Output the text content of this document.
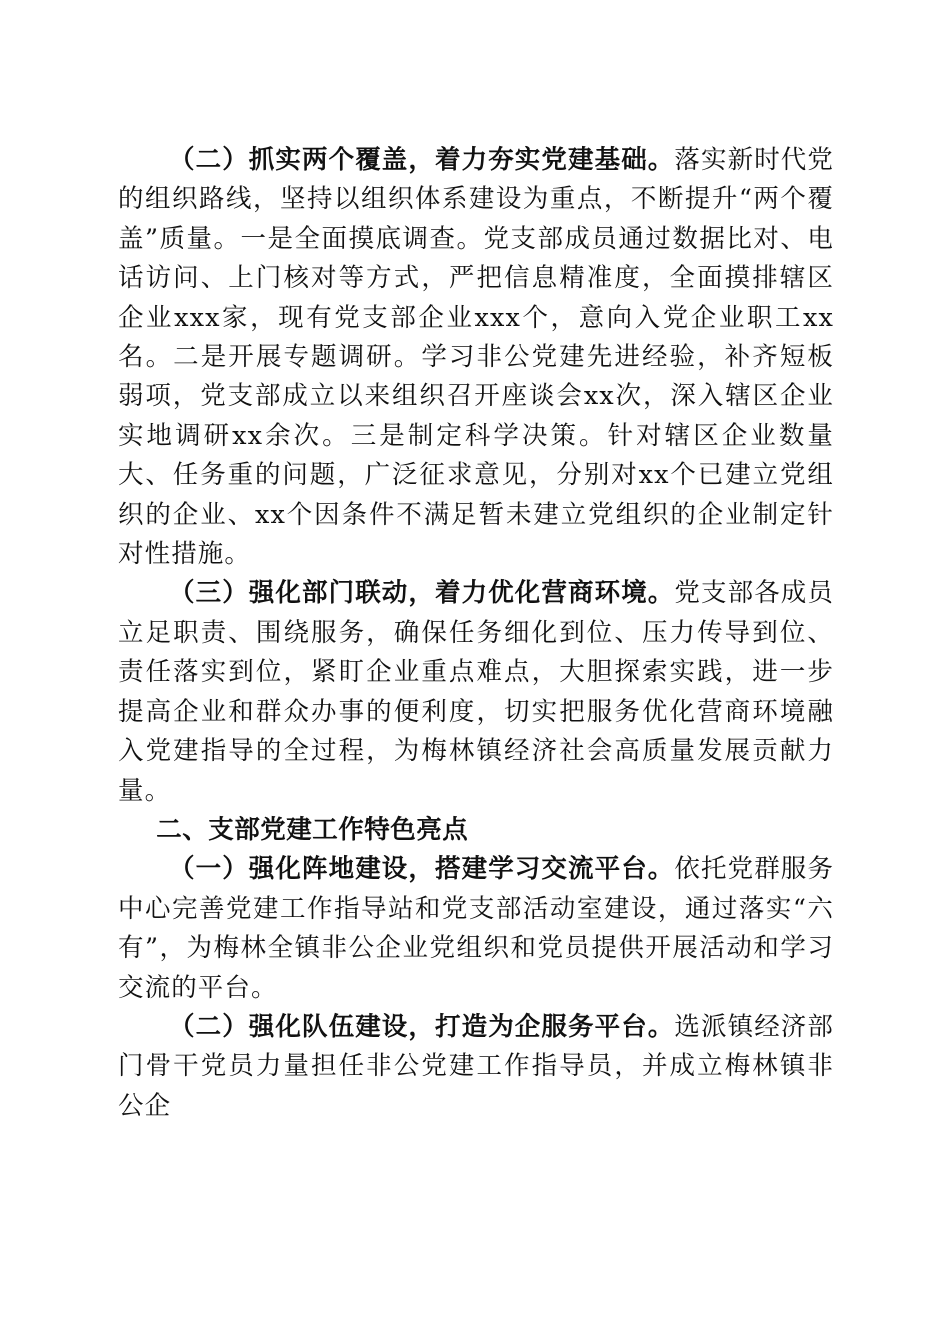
（二）抓实两个覆盖，着力夯实党建基础。落实新时代党的组织路线，坚持以组织体系建设为重点，不断提升“两个覆盖”质量。一是全面摸底调查。党支部成员通过数据比对、电话访问、上门核对等方式，严把信息精准度，全面摸排辖区企业xxx家，现有党支部企业xxx个，意向入党企业职工xx名。二是开展专题调研。学习非公党建先进经验，补齐短板弱项，党支部成立以来组织召开座谈会xx次，深入辖区企业实地调研xx余次。三是制定科学决策。针对辖区企业数量大、任务重的问题，广泛征求意见，分别对xx个已建立党组织的企业、xx个因条件不满足暂未建立党组织的企业制定针对性措施。

（三）强化部门联动，着力优化营商环境。党支部各成员立足职责、围绕服务，确保任务细化到位、压力传导到位、责任落实到位，紧盯企业重点难点，大胆探索实践，进一步提高企业和群众办事的便利度，切实把服务优化营商环境融入党建指导的全过程，为梅林镇经济社会高质量发展贡献力量。

二、支部党建工作特色亮点

（一）强化阵地建设，搭建学习交流平台。依托党群服务中心完善党建工作指导站和党支部活动室建设，通过落实“六有”，为梅林全镇非公企业党组织和党员提供开展活动和学习交流的平台。

（二）强化队伍建设，打造为企服务平台。选派镇经济部门骨干党员力量担任非公党建工作指导员，并成立梅林镇非公企
